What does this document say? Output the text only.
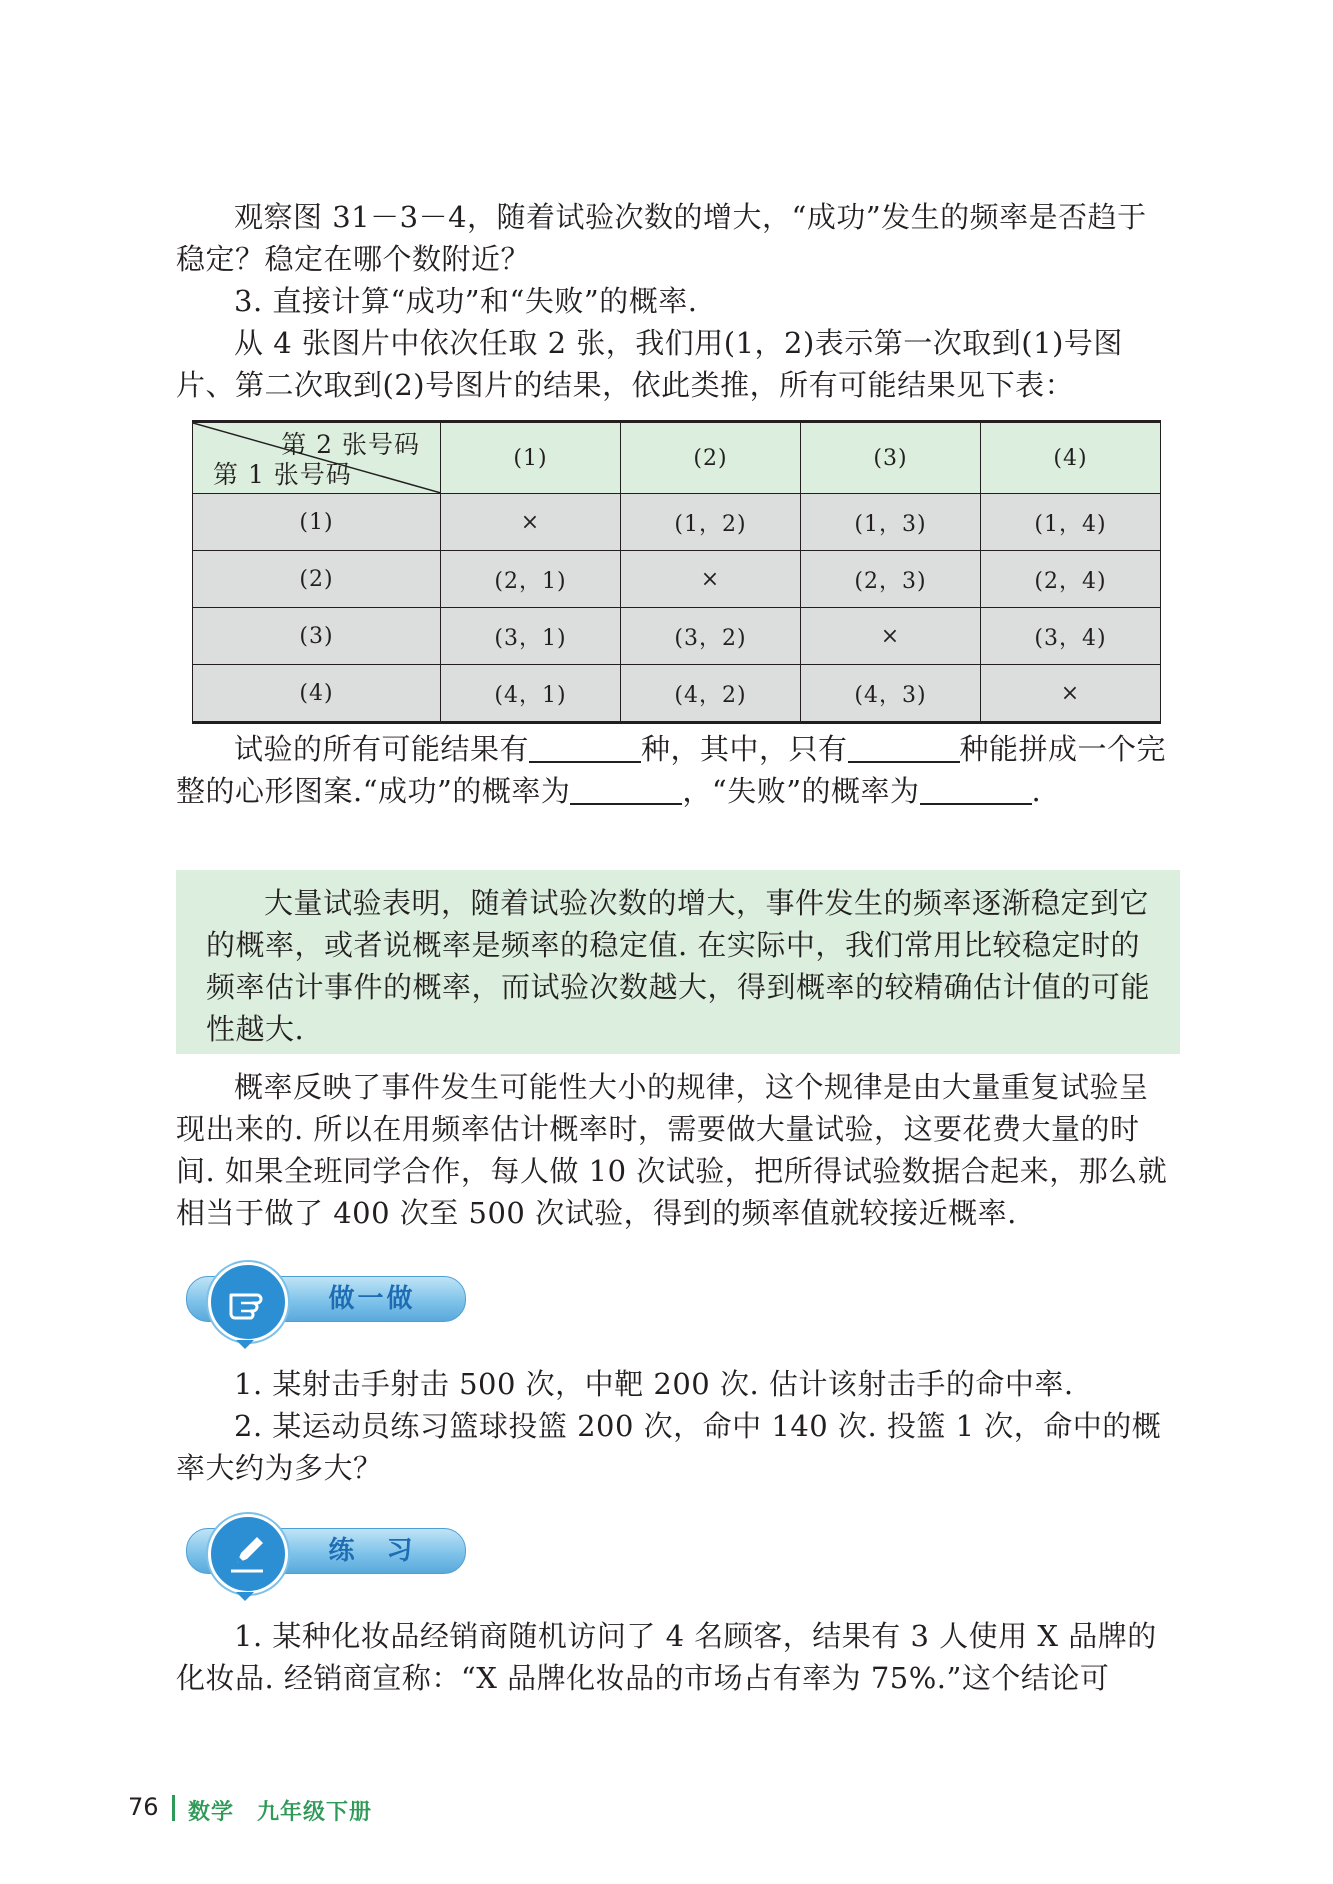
观察图 31－3－4，随着试验次数的增大，“成功”发生的频率是否趋于稳定？稳定在哪个数附近？

3. 直接计算“成功”和“失败”的概率.

从 4 张图片中依次任取 2 张，我们用(1，2)表示第一次取到(1)号图片、第二次取到(2)号图片的结果，依此类推，所有可能结果见下表：

第 2 张号码
第 1 张号码	(1)	(2)	(3)	(4)
(1)	×	(1，2)	(1，3)	(1，4)
(2)	(2，1)	×	(2，3)	(2，4)
(3)	(3，1)	(3，2)	×	(3，4)
(4)	(4，1)	(4，2)	(4，3)	×

试验的所有可能结果有	种，其中，只有	种能拼成一个完整的心形图案.“成功”的概率为	，“失败”的概率为	.

大量试验表明，随着试验次数的增大，事件发生的频率逐渐稳定到它的概率，或者说概率是频率的稳定值. 在实际中，我们常用比较稳定时的频率估计事件的概率，而试验次数越大，得到概率的较精确估计值的可能性越大.

概率反映了事件发生可能性大小的规律，这个规律是由大量重复试验呈现出来的. 所以在用频率估计概率时，需要做大量试验，这要花费大量的时间. 如果全班同学合作，每人做 10 次试验，把所得试验数据合起来，那么就相当于做了 400 次至 500 次试验，得到的频率值就较接近概率.

做一做

1. 某射击手射击 500 次，中靶 200 次. 估计该射击手的命中率.

2. 某运动员练习篮球投篮 200 次，命中 140 次. 投篮 1 次，命中的概率大约为多大？

练　习

1. 某种化妆品经销商随机访问了 4 名顾客，结果有 3 人使用 X 品牌的化妆品. 经销商宣称：“X 品牌化妆品的市场占有率为 75%.”这个结论可

76 数学　九年级下册
